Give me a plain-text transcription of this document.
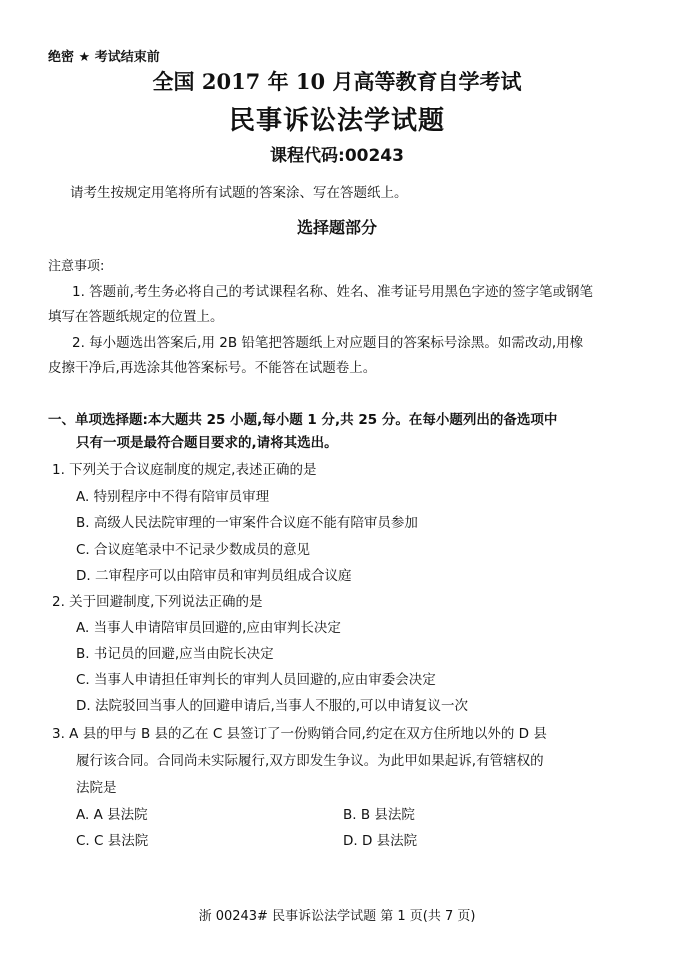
绝密 ★ 考试结束前
全国 2017 年 10 月高等教育自学考试
民事诉讼法学试题
课程代码:00243
请考生按规定用笔将所有试题的答案涂、写在答题纸上。
选择题部分
注意事项:
1. 答题前,考生务必将自己的考试课程名称、姓名、准考证号用黑色字迹的签字笔或钢笔
填写在答题纸规定的位置上。
2. 每小题选出答案后,用 2B 铅笔把答题纸上对应题目的答案标号涂黑。如需改动,用橡
皮擦干净后,再选涂其他答案标号。不能答在试题卷上。
一、单项选择题:本大题共 25 小题,每小题 1 分,共 25 分。在每小题列出的备选项中
只有一项是最符合题目要求的,请将其选出。
1. 下列关于合议庭制度的规定,表述正确的是
A. 特别程序中不得有陪审员审理
B. 高级人民法院审理的一审案件合议庭不能有陪审员参加
C. 合议庭笔录中不记录少数成员的意见
D. 二审程序可以由陪审员和审判员组成合议庭
2. 关于回避制度,下列说法正确的是
A. 当事人申请陪审员回避的,应由审判长决定
B. 书记员的回避,应当由院长决定
C. 当事人申请担任审判长的审判人员回避的,应由审委会决定
D. 法院驳回当事人的回避申请后,当事人不服的,可以申请复议一次
3. A 县的甲与 B 县的乙在 C 县签订了一份购销合同,约定在双方住所地以外的 D 县
履行该合同。合同尚未实际履行,双方即发生争议。为此甲如果起诉,有管辖权的
法院是
A. A 县法院	B. B 县法院
C. C 县法院	D. D 县法院
浙 00243# 民事诉讼法学试题 第 1 页(共 7 页)
